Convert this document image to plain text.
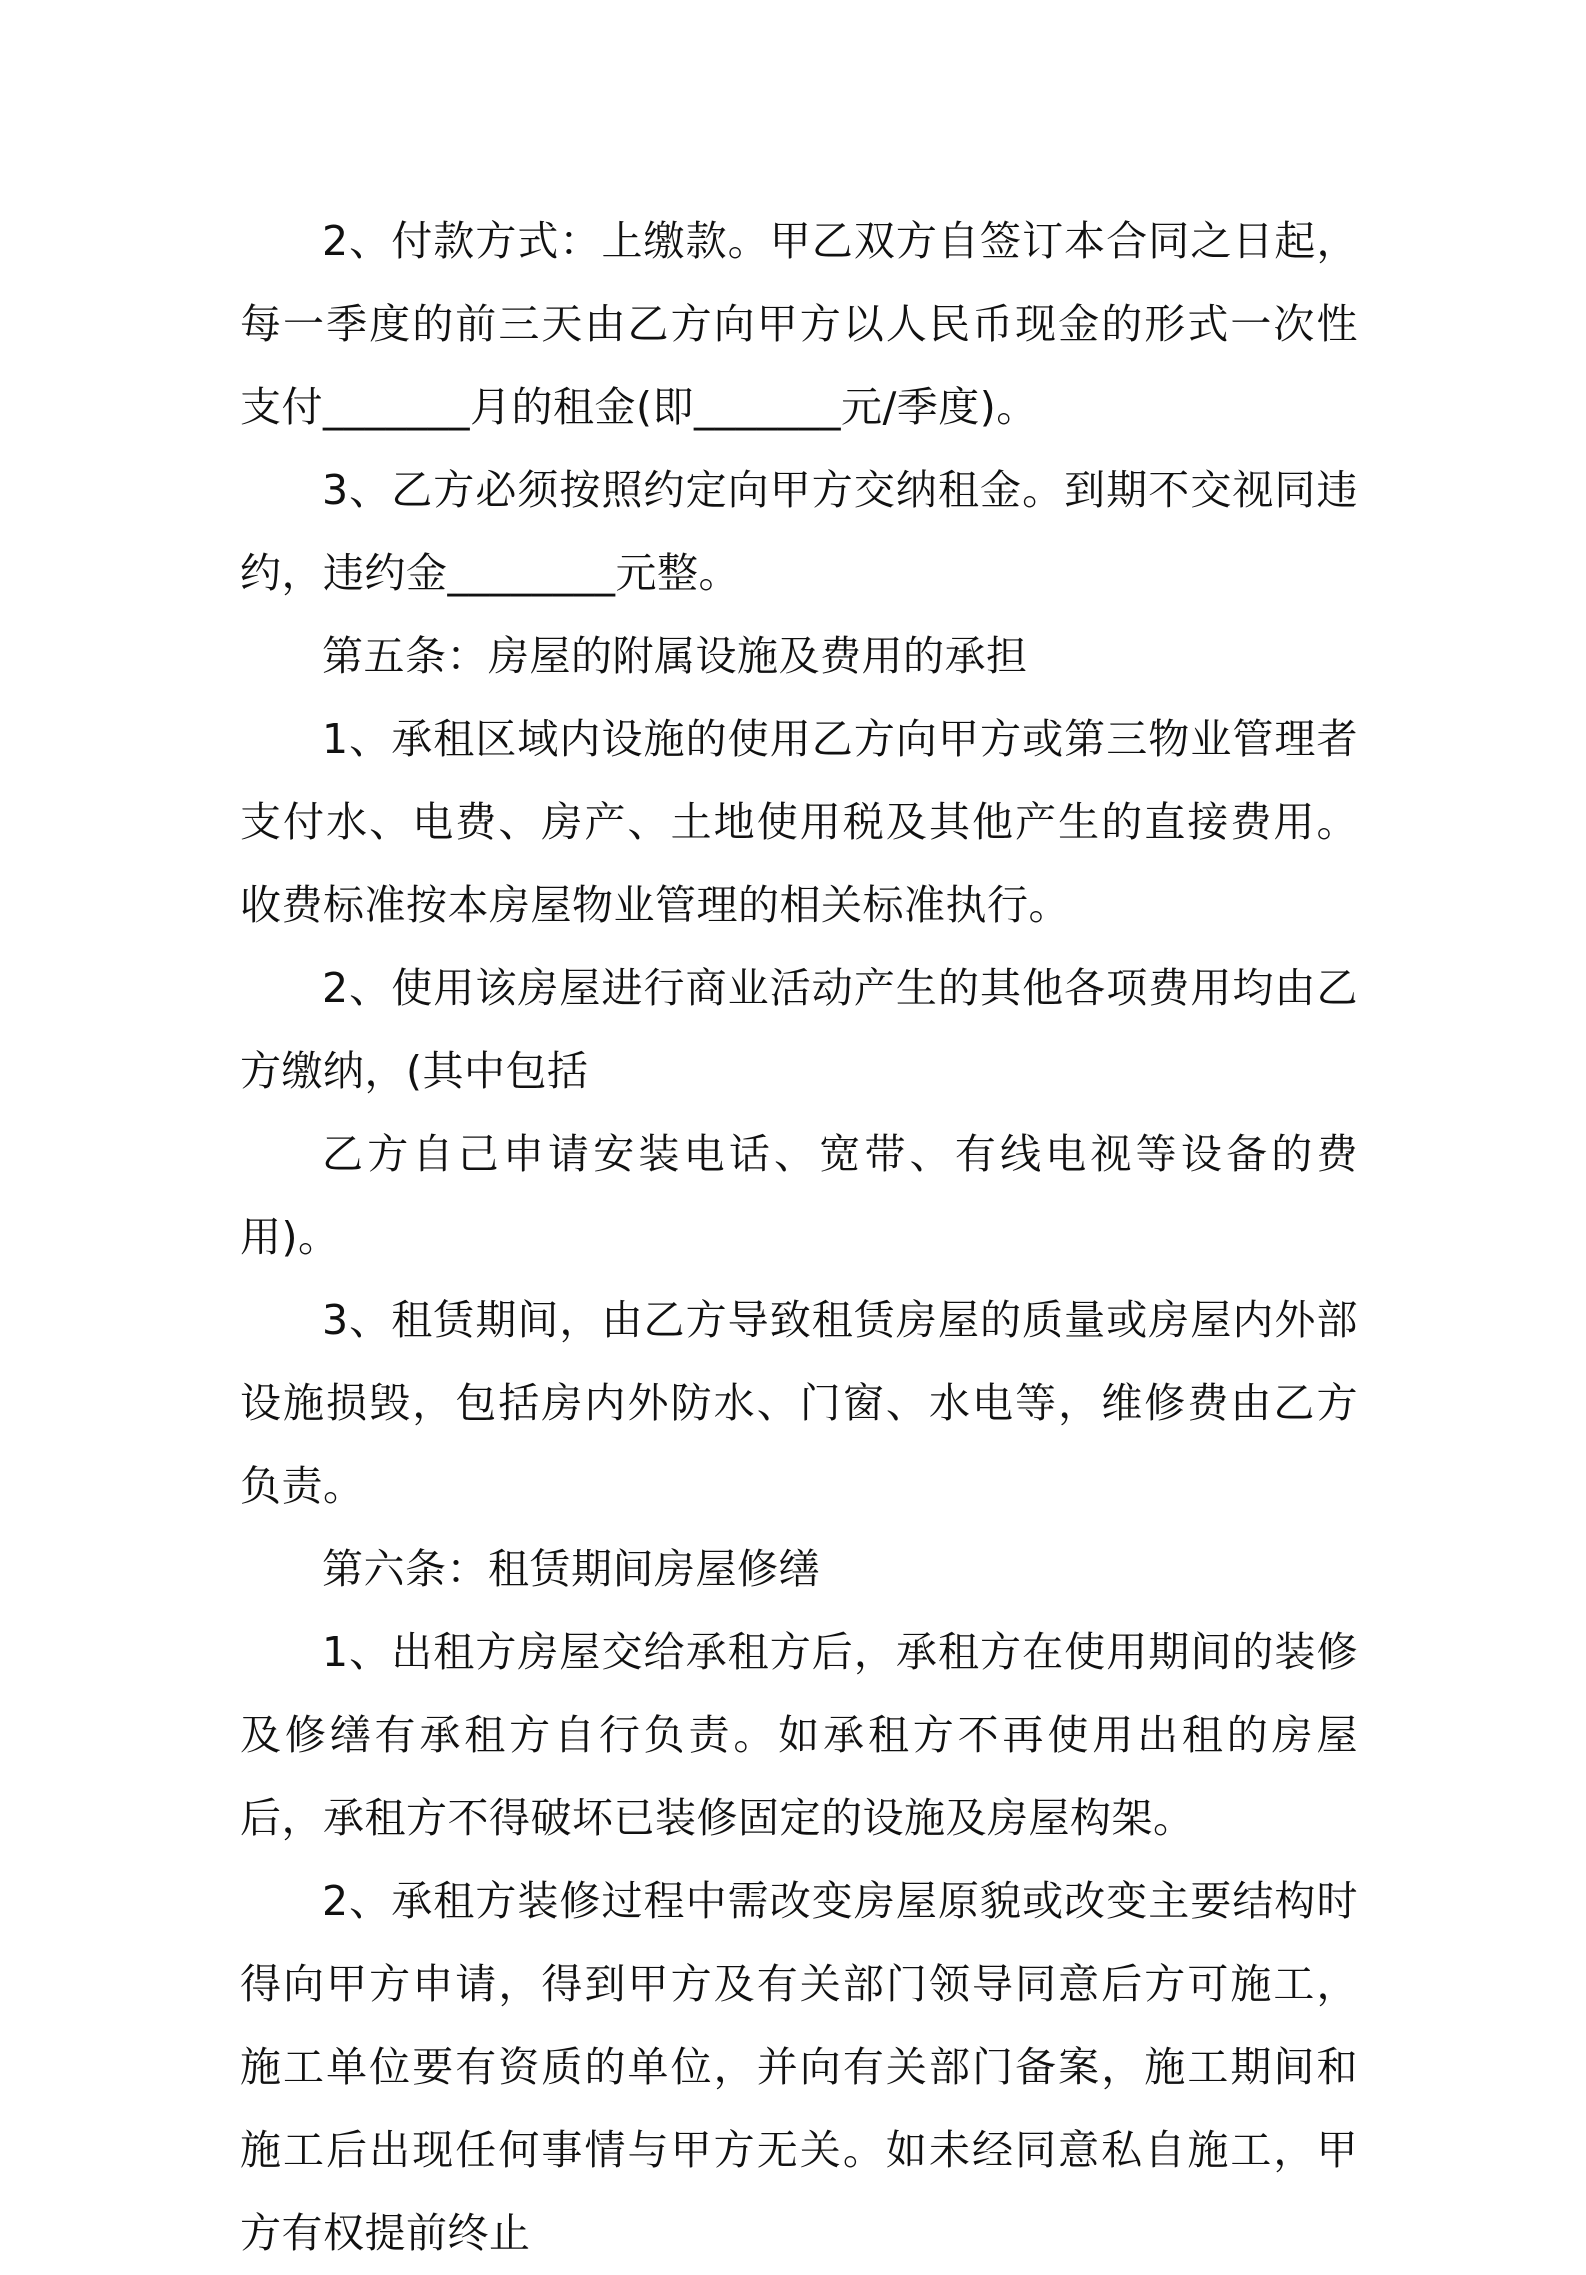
2、付款方式：上缴款。甲乙双方自签订本合同之日起，每一季度的前三天由乙方向甲方以人民币现金的形式一次性支付_______月的租金(即_______元/季度)。

3、乙方必须按照约定向甲方交纳租金。到期不交视同违约，违约金________元整。

第五条：房屋的附属设施及费用的承担

1、承租区域内设施的使用乙方向甲方或第三物业管理者支付水、电费、房产、土地使用税及其他产生的直接费用。收费标准按本房屋物业管理的相关标准执行。

2、使用该房屋进行商业活动产生的其他各项费用均由乙方缴纳，(其中包括

乙方自己申请安装电话、宽带、有线电视等设备的费用)。

3、租赁期间，由乙方导致租赁房屋的质量或房屋内外部设施损毁，包括房内外防水、门窗、水电等，维修费由乙方负责。

第六条：租赁期间房屋修缮

1、出租方房屋交给承租方后，承租方在使用期间的装修及修缮有承租方自行负责。如承租方不再使用出租的房屋后，承租方不得破坏已装修固定的设施及房屋构架。

2、承租方装修过程中需改变房屋原貌或改变主要结构时得向甲方申请，得到甲方及有关部门领导同意后方可施工，施工单位要有资质的单位，并向有关部门备案，施工期间和施工后出现任何事情与甲方无关。如未经同意私自施工，甲方有权提前终止
